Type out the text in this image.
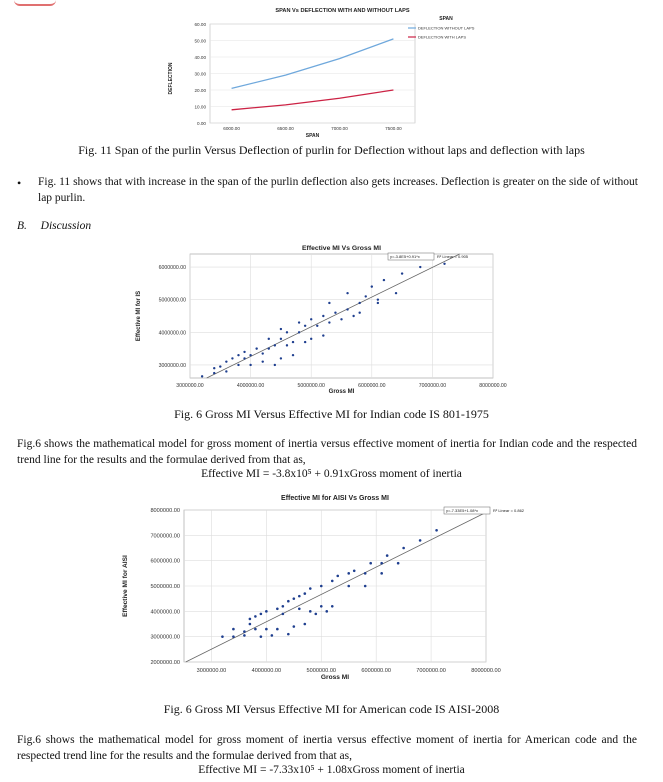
0.00
10.00
20.00
30.00
40.00
50.00
60.00
6000.00	6500.00	7000.00	7500.00
SPAN Vs DEFLECTION WITH AND WITHOUT LAPS
SPAN
DEFLECTION
SPAN
DEFLECTION WITHOUT LAPS
DEFLECTION WITH LAPS
Fig. 11 Span of the purlin Versus Deflection of purlin for Deflection without laps and deflection with laps
• Fig. 11 shows that with increase in the span of the purlin deflection also gets increases. Deflection is greater on the side of without lap purlin.
B. Discussion
3000000.00	4000000.00	5000000.00	6000000.00	7000000.00	8000000.00
3000000.00
4000000.00
5000000.00
6000000.00
Effective MI Vs Gross MI
Gross MI
Effective MI for IS
y=-3.8E5+0.91*x	R² Linear = 0.905
Fig. 6 Gross MI Versus Effective MI for Indian code IS 801-1975
Fig.6 shows the mathematical model for gross moment of inertia versus effective moment of inertia for Indian code and the respected trend line for the results and the formulae derived from that as,
Effective MI = -3.8x10⁵ + 0.91xGross moment of inertia
3000000.00	4000000.00	5000000.00	6000000.00	7000000.00	8000000.00
2000000.00
3000000.00
4000000.00
5000000.00
6000000.00
7000000.00
8000000.00
Effective MI for AISI Vs Gross MI
Gross MI
Effective MI for AISI
y=-7.33E5+1.08*x	R² Linear = 0.862
Fig. 6 Gross MI Versus Effective MI for American code IS AISI-2008
Fig.6 shows the mathematical model for gross moment of inertia versus effective moment of inertia for American code and the respected trend line for the results and the formulae derived from that as,
Effective MI = -7.33x10⁵ + 1.08xGross moment of inertia
